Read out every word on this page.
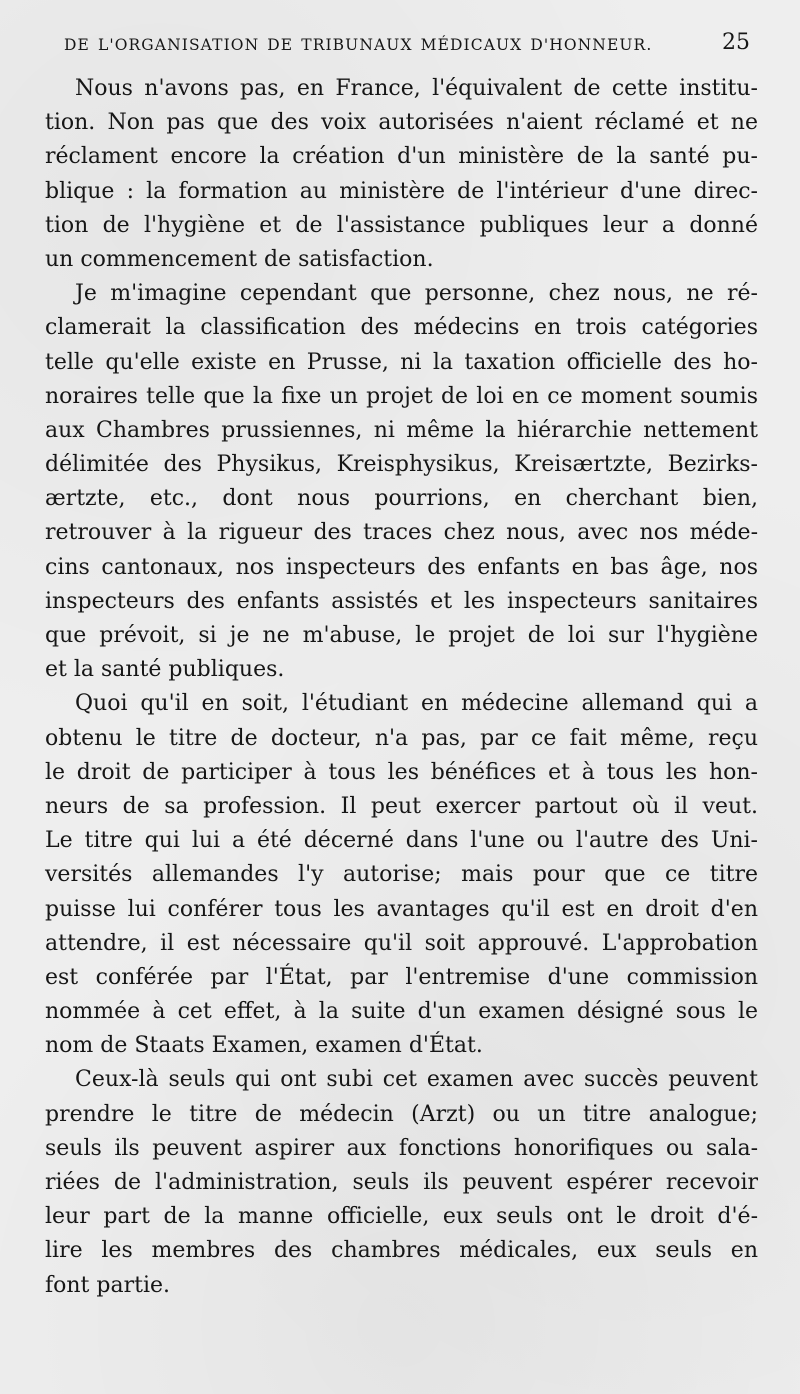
DE L'ORGANISATION DE TRIBUNAUX MÉDICAUX D'HONNEUR.	25
Nous n'avons pas, en France, l'équivalent de cette institu-
tion. Non pas que des voix autorisées n'aient réclamé et ne
réclament encore la création d'un ministère de la santé pu-
blique : la formation au ministère de l'intérieur d'une direc-
tion de l'hygiène et de l'assistance publiques leur a donné
un commencement de satisfaction.
Je m'imagine cependant que personne, chez nous, ne ré-
clamerait la classification des médecins en trois catégories
telle qu'elle existe en Prusse, ni la taxation officielle des ho-
noraires telle que la fixe un projet de loi en ce moment soumis
aux Chambres prussiennes, ni même la hiérarchie nettement
délimitée des Physikus, Kreisphysikus, Kreisærtzte, Bezirks-
ærtzte, etc., dont nous pourrions, en cherchant bien,
retrouver à la rigueur des traces chez nous, avec nos méde-
cins cantonaux, nos inspecteurs des enfants en bas âge, nos
inspecteurs des enfants assistés et les inspecteurs sanitaires
que prévoit, si je ne m'abuse, le projet de loi sur l'hygiène
et la santé publiques.
Quoi qu'il en soit, l'étudiant en médecine allemand qui a
obtenu le titre de docteur, n'a pas, par ce fait même, reçu
le droit de participer à tous les bénéfices et à tous les hon-
neurs de sa profession. Il peut exercer partout où il veut.
Le titre qui lui a été décerné dans l'une ou l'autre des Uni-
versités allemandes l'y autorise; mais pour que ce titre
puisse lui conférer tous les avantages qu'il est en droit d'en
attendre, il est nécessaire qu'il soit approuvé. L'approbation
est conférée par l'État, par l'entremise d'une commission
nommée à cet effet, à la suite d'un examen désigné sous le
nom de Staats Examen, examen d'État.
Ceux-là seuls qui ont subi cet examen avec succès peuvent
prendre le titre de médecin (Arzt) ou un titre analogue;
seuls ils peuvent aspirer aux fonctions honorifiques ou sala-
riées de l'administration, seuls ils peuvent espérer recevoir
leur part de la manne officielle, eux seuls ont le droit d'é-
lire les membres des chambres médicales, eux seuls en
font partie.
